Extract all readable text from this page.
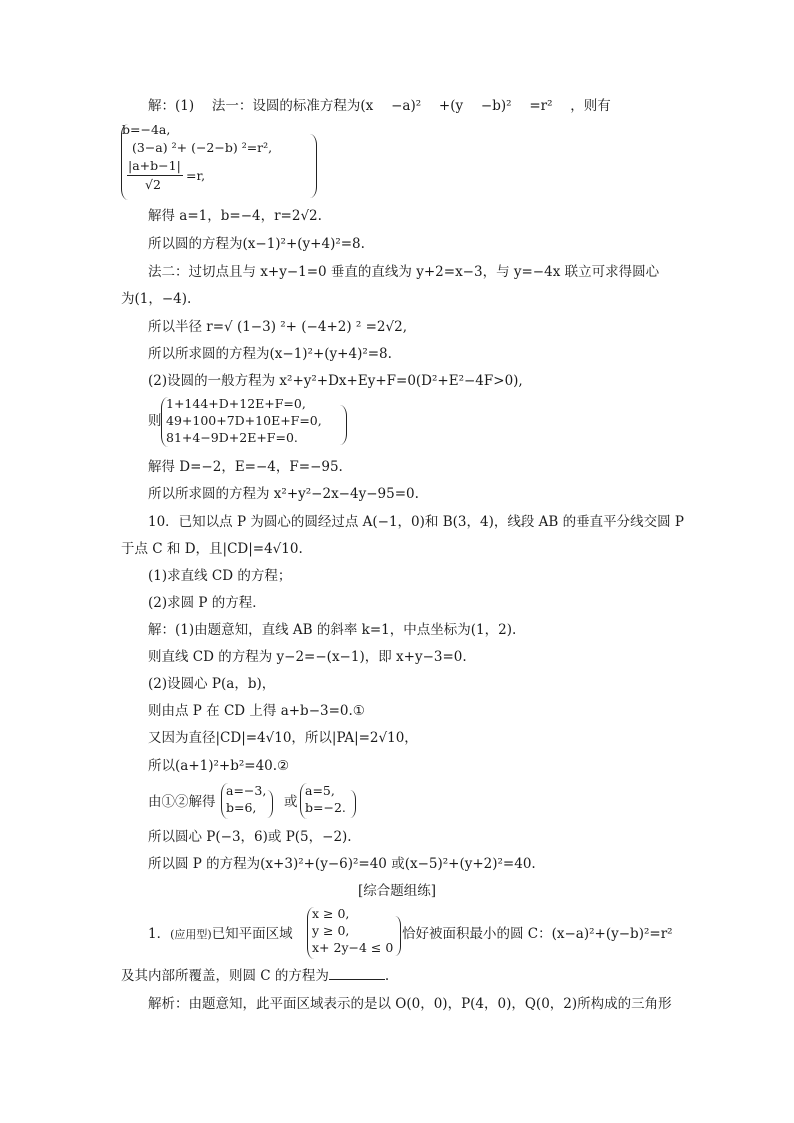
解：(1)　 法一：设圆的标准方程为(x　 −a)²　 +(y　 −b)²　 =r²　 ，则有
b=−4a,
(3−a) ²+ (−2−b) ²=r²,
|a+b−1|
√2
=r,
解得 a=1，b=−4，r=2√2.
所以圆的方程为(x−1)²+(y+4)²=8.
法二：过切点且与 x+y−1=0 垂直的直线为 y+2=x−3，与 y=−4x 联立可求得圆心
为(1，−4).
所以半径 r=√ (1−3) ²+ (−4+2) ² =2√2,
所以所求圆的方程为(x−1)²+(y+4)²=8.
(2)设圆的一般方程为 x²+y²+Dx+Ey+F=0(D²+E²−4F>0),
则
1+144+D+12E+F=0,
49+100+7D+10E+F=0,
81+4−9D+2E+F=0.
解得 D=−2，E=−4，F=−95.
所以所求圆的方程为 x²+y²−2x−4y−95=0.
10．已知以点 P 为圆心的圆经过点 A(−1，0)和 B(3，4)，线段 AB 的垂直平分线交圆 P
于点 C 和 D，且|CD|=4√10.
(1)求直线 CD 的方程；
(2)求圆 P 的方程．
解：(1)由题意知，直线 AB 的斜率 k=1，中点坐标为(1，2).
则直线 CD 的方程为 y−2=−(x−1)，即 x+y−3=0.
(2)设圆心 P(a，b)，
则由点 P 在 CD 上得 a+b−3=0.①
又因为直径|CD|=4√10，所以|PA|=2√10，
所以(a+1)²+b²=40.②
由①②解得
a=−3,
b=6, 或
a=5,
b=−2.
所以圆心 P(−3，6)或 P(5，−2).
所以圆 P 的方程为(x+3)²+(y−6)²=40 或(x−5)²+(y+2)²=40.
[综合题组练]
1．(应用型)已知平面区域
x ≥ 0,
y ≥ 0,
x+ 2y−4 ≤ 0
恰好被面积最小的圆 C：(x−a)²+(y−b)²=r²
及其内部所覆盖，则圆 C 的方程为	.
解析：由题意知，此平面区域表示的是以 O(0，0)，P(4，0)，Q(0，2)所构成的三角形
